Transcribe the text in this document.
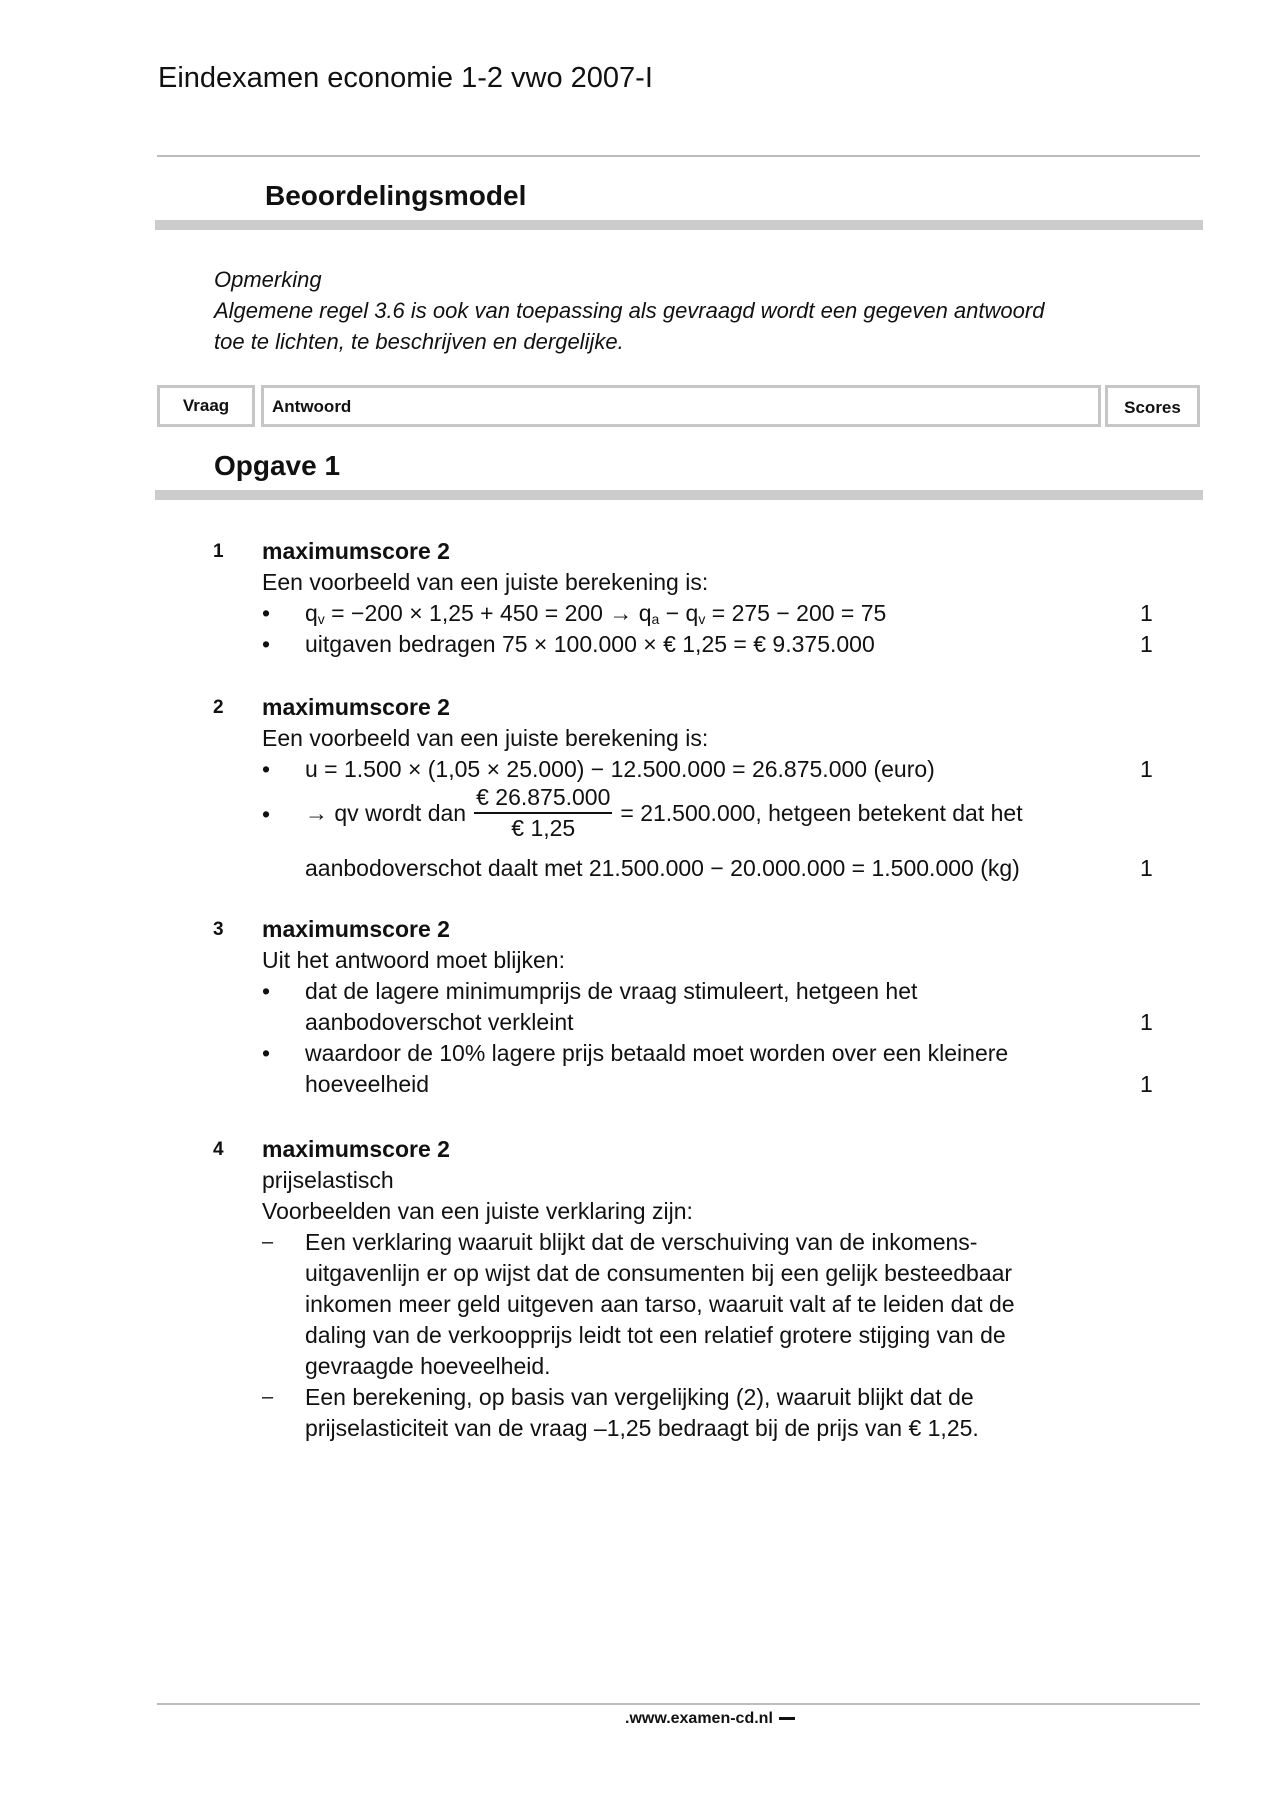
Eindexamen economie 1-2 vwo 2007-I
Beoordelingsmodel
Opmerking
Algemene regel 3.6 is ook van toepassing als gevraagd wordt een gegeven antwoord
toe te lichten, te beschrijven en dergelijke.
Vraag	Antwoord	Scores
Opgave 1
1 maximumscore 2
Een voorbeeld van een juiste berekening is:
• $q_v = -200 \times 1,25 + 450 = 200 \to q_a - q_v = 275 - 200 = 75$	1
• uitgaven bedragen 75 × 100.000 × € 1,25 = € 9.375.000	1
2 maximumscore 2
Een voorbeeld van een juiste berekening is:
• u = 1.500 × (1,05 × 25.000) − 12.500.000 = 26.875.000 (euro)	1
• → qv wordt dan $\frac{€ 26.875.000}{€ 1,25} = 21.500.000$, hetgeen betekent dat het
aanbodoverschot daalt met 21.500.000 − 20.000.000 = 1.500.000 (kg)	1
3 maximumscore 2
Uit het antwoord moet blijken:
• dat de lagere minimumprijs de vraag stimuleert, hetgeen het
aanbodoverschot verkleint	1
• waardoor de 10% lagere prijs betaald moet worden over een kleinere
hoeveelheid	1
4 maximumscore 2
prijselastisch
Voorbeelden van een juiste verklaring zijn:
– Een verklaring waaruit blijkt dat de verschuiving van de inkomens-
uitgavenlijn er op wijst dat de consumenten bij een gelijk besteedbaar
inkomen meer geld uitgeven aan tarso, waaruit valt af te leiden dat de
daling van de verkoopprijs leidt tot een relatief grotere stijging van de
gevraagde hoeveelheid.
– Een berekening, op basis van vergelijking (2), waaruit blijkt dat de
prijselasticiteit van de vraag –1,25 bedraagt bij de prijs van € 1,25.
.www.examen-cd.nl
